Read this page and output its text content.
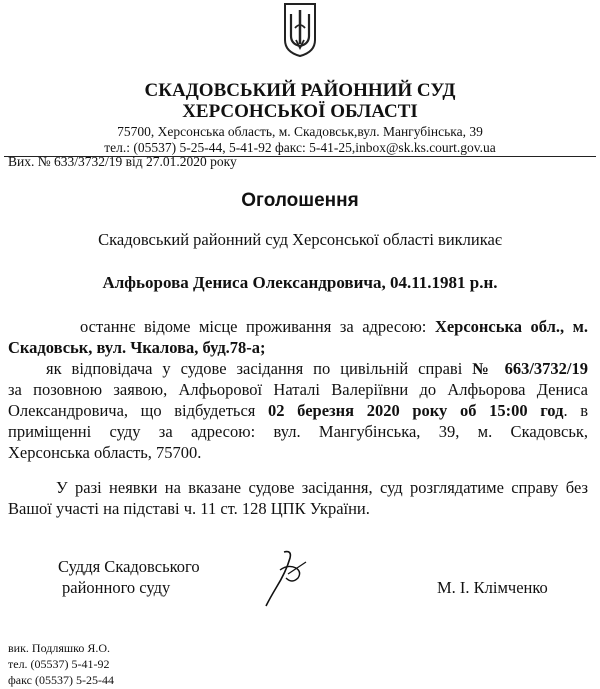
СКАДОВСЬКИЙ РАЙОННИЙ СУД
ХЕРСОНСЬКОЇ ОБЛАСТІ
75700, Херсонська область, м. Скадовськ,вул. Мангубінська, 39
тел.: (05537) 5-25-44, 5-41-92 факс: 5-41-25,inbox@sk.ks.court.gov.ua
Вих. № 633/3732/19 від 27.01.2020 року
Оголошення
Скадовський районний суд Херсонської області викликає
Алфьорова Дениса Олександровича, 04.11.1981 р.н.
останнє відоме місце проживання за адресою: Херсонська обл., м.
Скадовськ, вул. Чкалова, буд.78-а;
як відповідача у судове засідання по цивільній справі № 663/3732/19
за позовною заявою, Алфьорової Наталі Валеріївни до Алфьорова Дениса
Олександровича, що відбудеться 02 березня 2020 року об 15:00 год. в
приміщенні суду за адресою: вул. Мангубінська, 39, м. Скадовськ,
Херсонська область, 75700.
У разі неявки на вказане судове засідання, суд розглядатиме справу без
Вашої участі на підставі ч. 11 ст. 128 ЦПК України.
Суддя Скадовського
районного суду	М. І. Клімченко
вик. Подляшко Я.О.
тел. (05537) 5-41-92
факс (05537) 5-25-44
